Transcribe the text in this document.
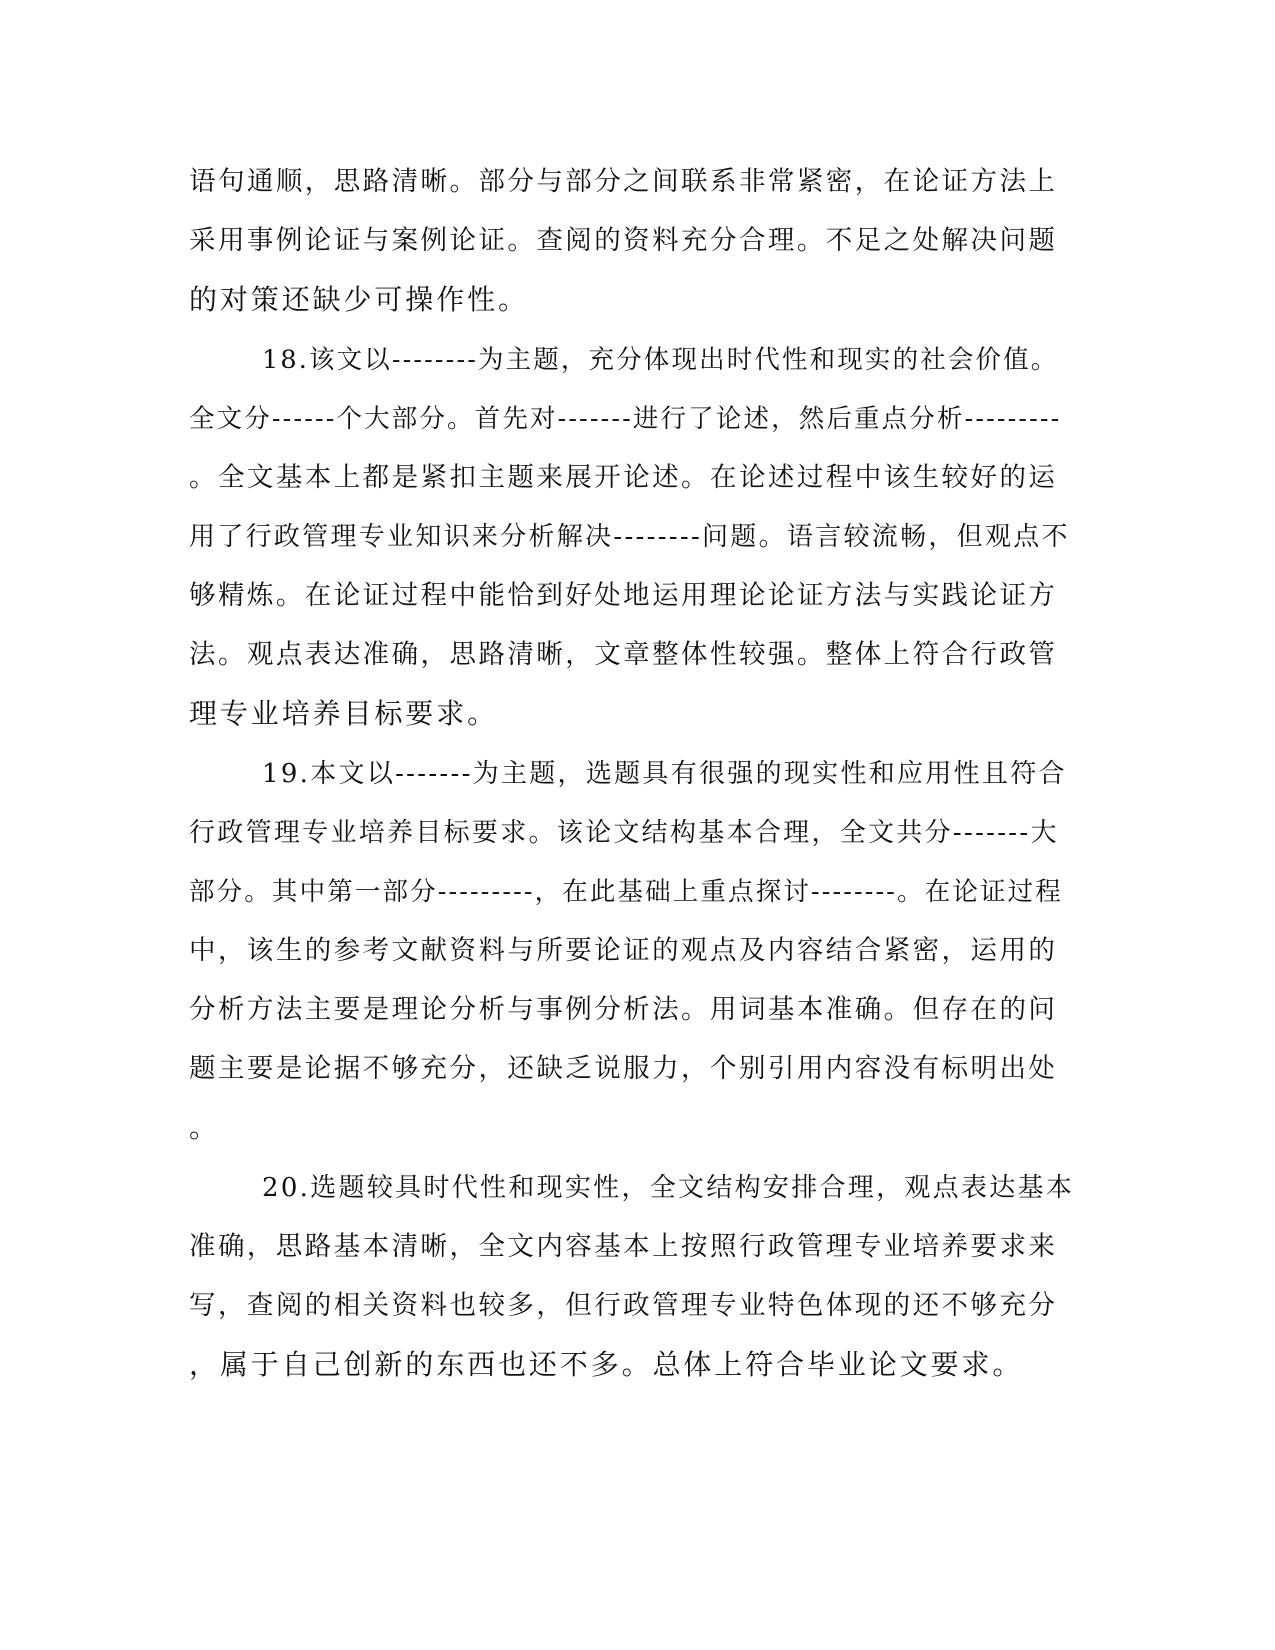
语句通顺，思路清晰。部分与部分之间联系非常紧密，在论证方法上
采用事例论证与案例论证。查阅的资料充分合理。不足之处解决问题
的对策还缺少可操作性。
18.该文以--------为主题，充分体现出时代性和现实的社会价值。
全文分------个大部分。首先对-------进行了论述，然后重点分析---------
。全文基本上都是紧扣主题来展开论述。在论述过程中该生较好的运
用了行政管理专业知识来分析解决--------问题。语言较流畅，但观点不
够精炼。在论证过程中能恰到好处地运用理论论证方法与实践论证方
法。观点表达准确，思路清晰，文章整体性较强。整体上符合行政管
理专业培养目标要求。
19.本文以-------为主题，选题具有很强的现实性和应用性且符合
行政管理专业培养目标要求。该论文结构基本合理，全文共分-------大
部分。其中第一部分---------，在此基础上重点探讨--------。在论证过程
中，该生的参考文献资料与所要论证的观点及内容结合紧密，运用的
分析方法主要是理论分析与事例分析法。用词基本准确。但存在的问
题主要是论据不够充分，还缺乏说服力，个别引用内容没有标明出处
。
20.选题较具时代性和现实性，全文结构安排合理，观点表达基本
准确，思路基本清晰，全文内容基本上按照行政管理专业培养要求来
写，查阅的相关资料也较多，但行政管理专业特色体现的还不够充分
，属于自己创新的东西也还不多。总体上符合毕业论文要求。
